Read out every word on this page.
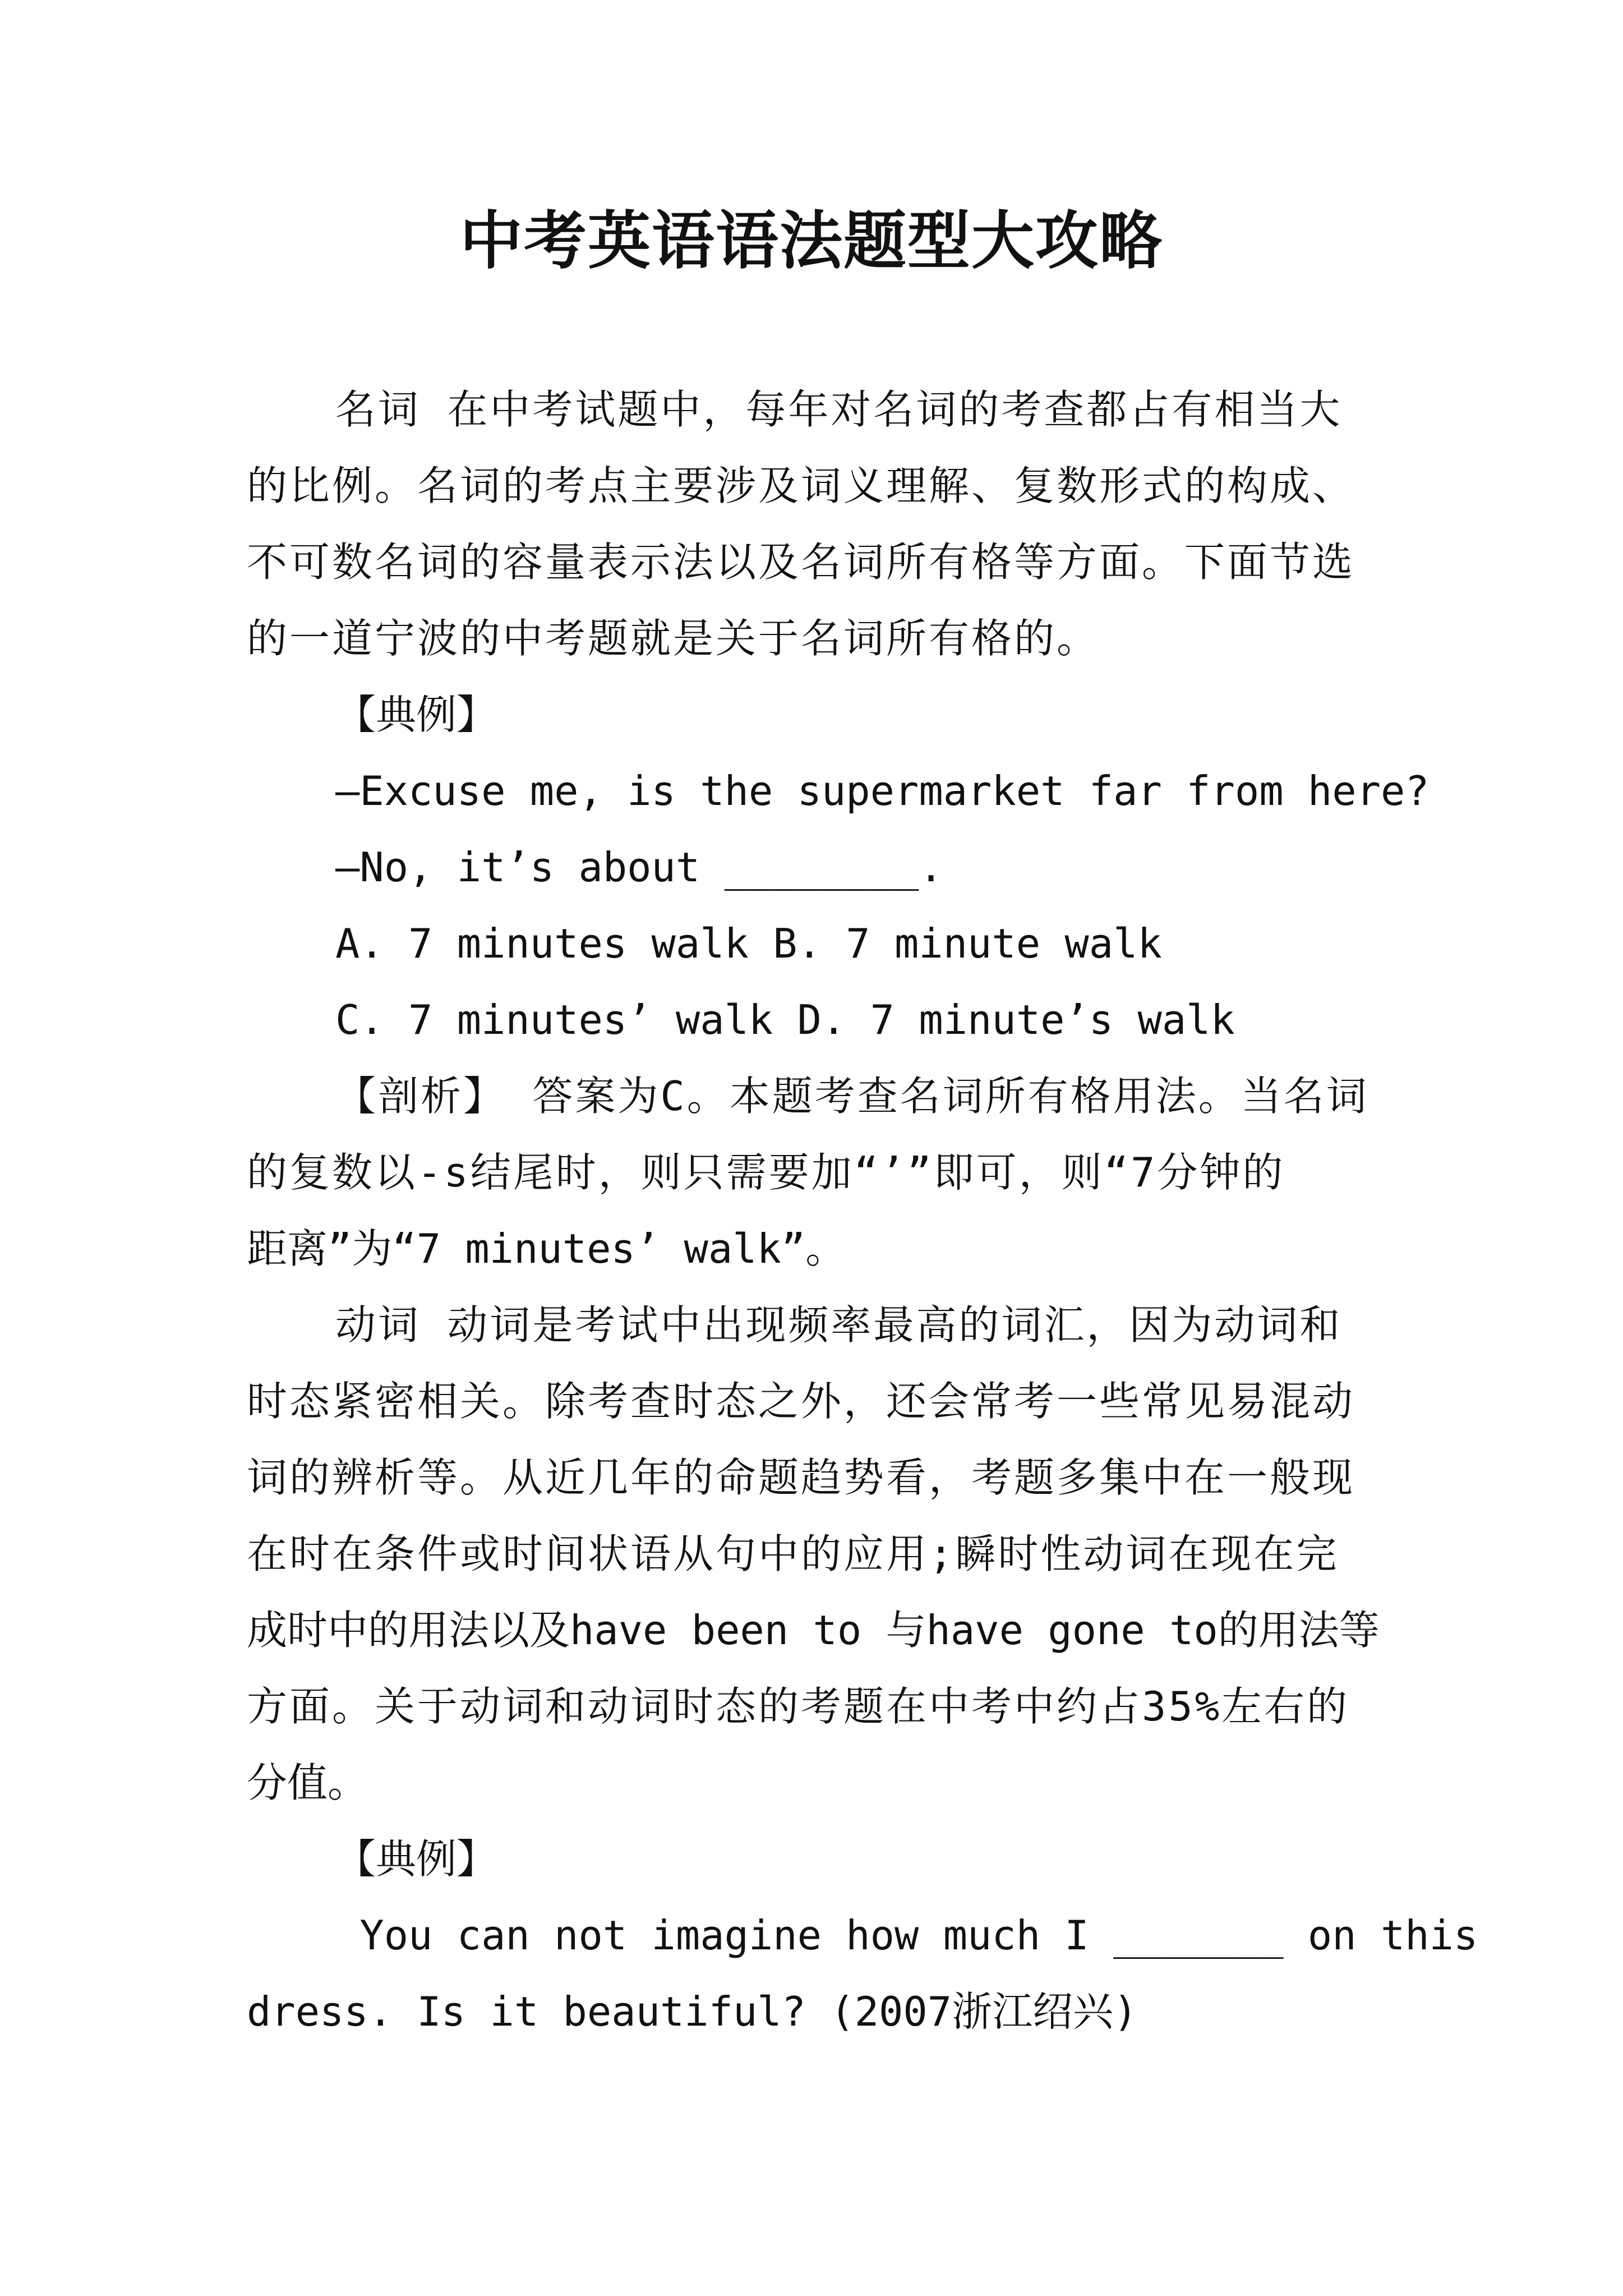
中考英语语法题型大攻略
名词 在中考试题中，每年对名词的考查都占有相当大
的比例。名词的考点主要涉及词义理解、复数形式的构成、
不可数名词的容量表示法以及名词所有格等方面。下面节选
的一道宁波的中考题就是关于名词所有格的。
【典例】
—Excuse me, is the supermarket far from here?
—No, it’s about ________.
A. 7 minutes walk B. 7 minute walk
C. 7 minutes’ walk D. 7 minute’s walk
【剖析】 答案为C。本题考查名词所有格用法。当名词
的复数以-s结尾时，则只需要加“’”即可，则“7分钟的
距离”为“7 minutes’ walk”。
动词 动词是考试中出现频率最高的词汇，因为动词和
时态紧密相关。除考查时态之外，还会常考一些常见易混动
词的辨析等。从近几年的命题趋势看，考题多集中在一般现
在时在条件或时间状语从句中的应用;瞬时性动词在现在完
成时中的用法以及have been to 与have gone to的用法等
方面。关于动词和动词时态的考题在中考中约占35%左右的
分值。
【典例】
You can not imagine how much I _______ on this
dress. Is it beautiful? (2007浙江绍兴)
